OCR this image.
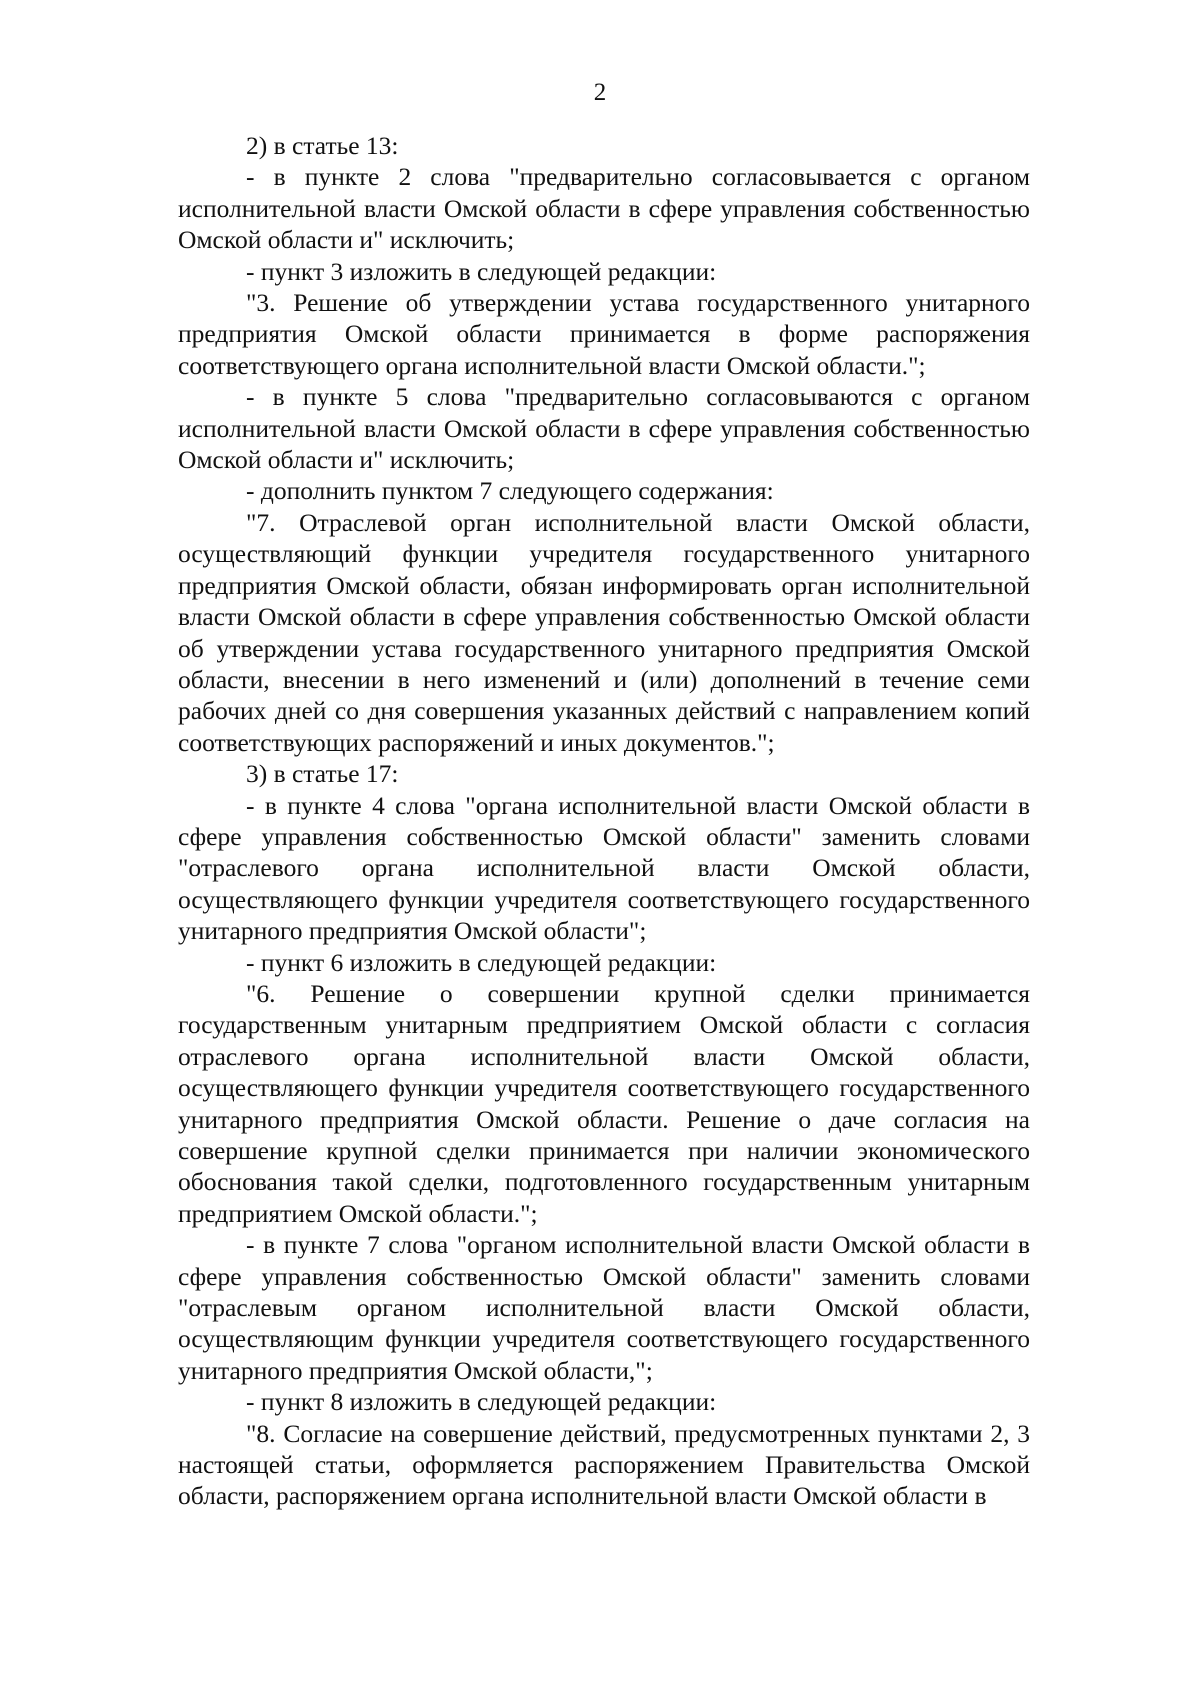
2

2) в статье 13:

- в пункте 2 слова "предварительно согласовывается с органом исполнительной власти Омской области в сфере управления собственностью Омской области и" исключить;

- пункт 3 изложить в следующей редакции:

"3. Решение об утверждении устава государственного унитарного предприятия Омской области принимается в форме распоряжения соответствующего органа исполнительной власти Омской области.";

- в пункте 5 слова "предварительно согласовываются с органом исполнительной власти Омской области в сфере управления собственностью Омской области и" исключить;

- дополнить пунктом 7 следующего содержания:

"7. Отраслевой орган исполнительной власти Омской области, осуществляющий функции учредителя государственного унитарного предприятия Омской области, обязан информировать орган исполнительной власти Омской области в сфере управления собственностью Омской области об утверждении устава государственного унитарного предприятия Омской области, внесении в него изменений и (или) дополнений в течение семи рабочих дней со дня совершения указанных действий с направлением копий соответствующих распоряжений и иных документов.";

3) в статье 17:

- в пункте 4 слова "органа исполнительной власти Омской области в сфере управления собственностью Омской области" заменить словами "отраслевого органа исполнительной власти Омской области, осуществляющего функции учредителя соответствующего государственного унитарного предприятия Омской области";

- пункт 6 изложить в следующей редакции:

"6. Решение о совершении крупной сделки принимается государственным унитарным предприятием Омской области с согласия отраслевого органа исполнительной власти Омской области, осуществляющего функции учредителя соответствующего государственного унитарного предприятия Омской области. Решение о даче согласия на совершение крупной сделки принимается при наличии экономического обоснования такой сделки, подготовленного государственным унитарным предприятием Омской области.";

- в пункте 7 слова "органом исполнительной власти Омской области в сфере управления собственностью Омской области" заменить словами "отраслевым органом исполнительной власти Омской области, осуществляющим функции учредителя соответствующего государственного унитарного предприятия Омской области,";

- пункт 8 изложить в следующей редакции:

"8. Согласие на совершение действий, предусмотренных пунктами 2, 3 настоящей статьи, оформляется распоряжением Правительства Омской области, распоряжением органа исполнительной власти Омской области в
